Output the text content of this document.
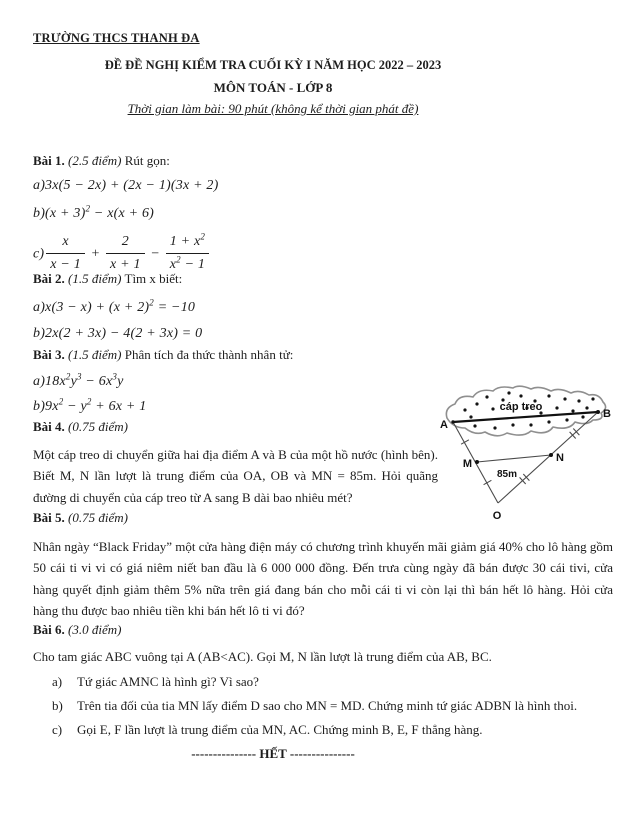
TRƯỜNG THCS THANH ĐA
ĐỀ ĐỀ NGHỊ KIỂM TRA CUỐI KỲ I NĂM HỌC 2022 – 2023
MÔN TOÁN - LỚP 8
Thời gian làm bài: 90 phút (không kể thời gian phát đề)
Bài 1. (2.5 điểm) Rút gọn:
a)3x(5 − 2x) + (2x − 1)(3x + 2)
$b)(x + 3)^2 - x(x + 6)$
$c) \frac{x}{x - 1} + \frac{2}{x + 1} - \frac{1 + x^2}{x^2 - 1}$
Bài 2. (1.5 điểm) Tìm x biết:
$a)x(3 - x) + (x + 2)^2 = -10$
b)2x(2 + 3x) − 4(2 + 3x) = 0
Bài 3. (1.5 điểm) Phân tích đa thức thành nhân tử:
$a)18x^2y^3 - 6x^3y$
$b)9x^2 - y^2 + 6x + 1$
Bài 4. (0.75 điểm)
Một cáp treo di chuyển giữa hai địa điểm A và B của một hồ nước (hình bên). Biết M, N lần lượt là trung điểm của OA, OB và MN = 85m. Hỏi quãng đường di chuyển của cáp treo từ A sang B dài bao nhiêu mét?
cáp treo
A
B
M	N
O
85m
Bài 5. (0.75 điểm)
Nhân ngày “Black Friday” một cửa hàng điện máy có chương trình khuyến mãi giảm giá 40% cho lô hàng gồm 50 cái ti vi vi có giá niêm niết ban đầu là 6 000 000 đồng. Đến trưa cùng ngày đã bán được 30 cái tivi, cửa hàng quyết định giảm thêm 5% nữa trên giá đang bán cho mỗi cái ti vi còn lại thì bán hết lô hàng. Hỏi cửa hàng thu được bao nhiêu tiền khi bán hết lô ti vi đó?
Bài 6. (3.0 điểm)
Cho tam giác ABC vuông tại A (AB<AC). Gọi M, N lần lượt là trung điểm của AB, BC.
a) Tứ giác AMNC là hình gì? Vì sao?
b) Trên tia đối của tia MN lấy điểm D sao cho MN = MD. Chứng minh tứ giác ADBN là hình thoi.
c) Gọi E, F lần lượt là trung điểm của MN, AC. Chứng minh B, E, F thẳng hàng.
--------------- HẾT ---------------
